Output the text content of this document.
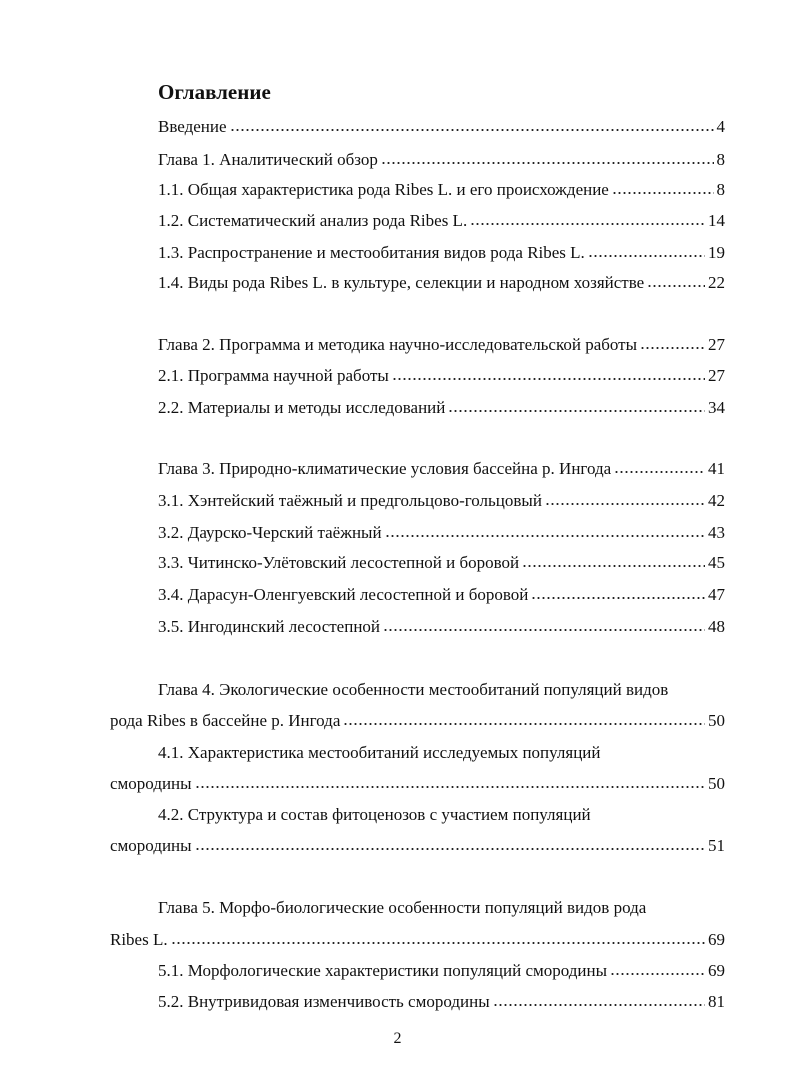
Оглавление
Введение	4
Глава 1. Аналитический обзор	8
1.1. Общая характеристика рода Ribes L. и его происхождение	8
1.2. Систематический анализ рода Ribes L.	14
1.3. Распространение и местообитания видов рода Ribes L.	19
1.4. Виды рода Ribes L. в культуре, селекции и народном хозяйстве	22
Глава 2. Программа и методика научно-исследовательской работы	27
2.1. Программа научной работы	27
2.2. Материалы и методы исследований	34
Глава 3. Природно-климатические условия бассейна р. Ингода	41
3.1. Хэнтейский таёжный и предгольцово-гольцовый	42
3.2. Даурско-Черский таёжный	43
3.3. Читинско-Улётовский лесостепной и боровой	45
3.4. Дарасун-Оленгуевский лесостепной и боровой	47
3.5. Ингодинский лесостепной	48
Глава 4. Экологические особенности местообитаний популяций видов
рода Ribes в бассейне р. Ингода	50
4.1. Характеристика местообитаний исследуемых популяций
смородины	50
4.2. Структура и состав фитоценозов с участием популяций
смородины	51
Глава 5. Морфо-биологические особенности популяций видов рода
Ribes L.	69
5.1. Морфологические характеристики популяций смородины	69
5.2. Внутривидовая изменчивость смородины	81
2
